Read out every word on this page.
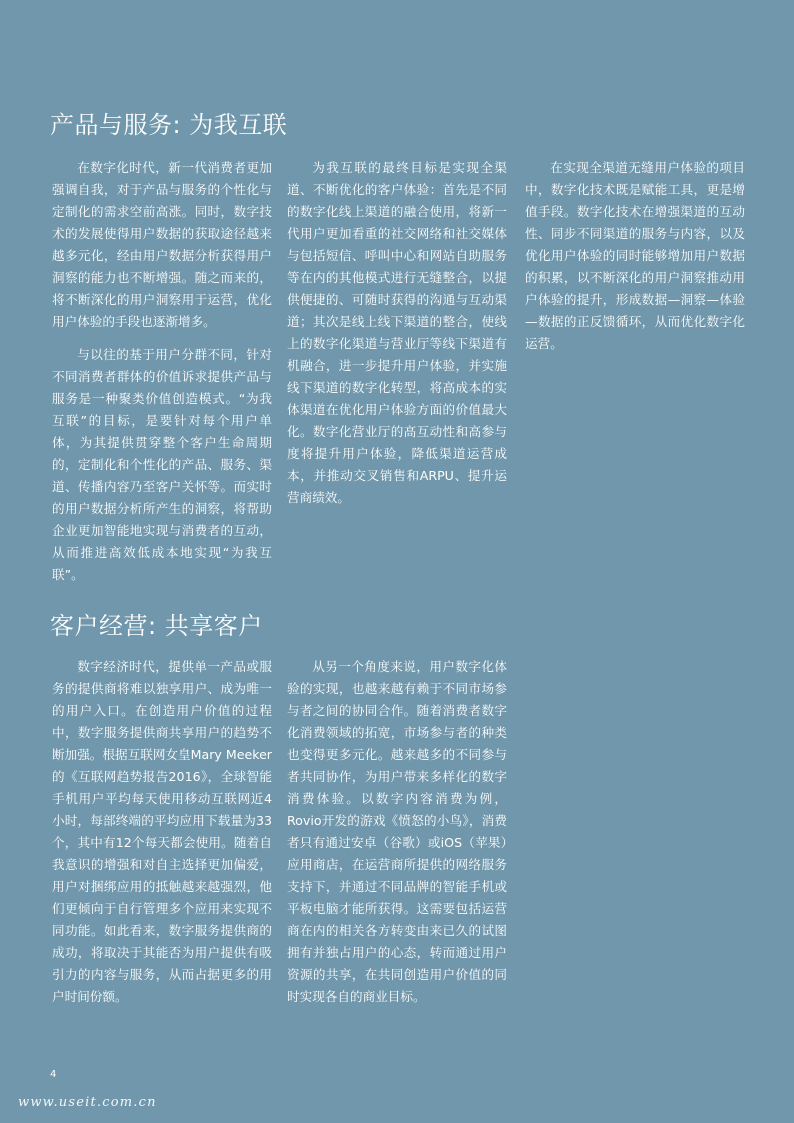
产品与服务: 为我互联

在数字化时代，新一代消费者更加强调自我，对于产品与服务的个性化与定制化的需求空前高涨。同时，数字技术的发展使得用户数据的获取途径越来越多元化，经由用户数据分析获得用户洞察的能力也不断增强。随之而来的，将不断深化的用户洞察用于运营，优化用户体验的手段也逐渐增多。

与以往的基于用户分群不同，针对不同消费者群体的价值诉求提供产品与服务是一种聚类价值创造模式。“为我互联”的目标，是要针对每个用户单体，为其提供贯穿整个客户生命周期的，定制化和个性化的产品、服务、渠道、传播内容乃至客户关怀等。而实时的用户数据分析所产生的洞察，将帮助企业更加智能地实现与消费者的互动，从而推进高效低成本地实现“为我互联”。

为我互联的最终目标是实现全渠道、不断优化的客户体验：首先是不同的数字化线上渠道的融合使用，将新一代用户更加看重的社交网络和社交媒体与包括短信、呼叫中心和网站自助服务等在内的其他模式进行无缝整合，以提供便捷的、可随时获得的沟通与互动渠道；其次是线上线下渠道的整合，使线上的数字化渠道与营业厅等线下渠道有机融合，进一步提升用户体验，并实施线下渠道的数字化转型，将高成本的实体渠道在优化用户体验方面的价值最大化。数字化营业厅的高互动性和高参与度将提升用户体验，降低渠道运营成本，并推动交叉销售和ARPU、提升运营商绩效。

在实现全渠道无缝用户体验的项目中，数字化技术既是赋能工具，更是增值手段。数字化技术在增强渠道的互动性、同步不同渠道的服务与内容，以及优化用户体验的同时能够增加用户数据的积累，以不断深化的用户洞察推动用户体验的提升，形成数据—洞察—体验—数据的正反馈循环，从而优化数字化运营。

客户经营: 共享客户

数字经济时代，提供单一产品或服务的提供商将难以独享用户、成为唯一的用户入口。在创造用户价值的过程中，数字服务提供商共享用户的趋势不断加强。根据互联网女皇Mary Meeker的《互联网趋势报告2016》，全球智能手机用户平均每天使用移动互联网近4小时，每部终端的平均应用下载量为33个，其中有12个每天都会使用。随着自我意识的增强和对自主选择更加偏爱，用户对捆绑应用的抵触越来越强烈，他们更倾向于自行管理多个应用来实现不同功能。如此看来，数字服务提供商的成功，将取决于其能否为用户提供有吸引力的内容与服务，从而占据更多的用户时间份额。

从另一个角度来说，用户数字化体验的实现，也越来越有赖于不同市场参与者之间的协同合作。随着消费者数字化消费领域的拓宽，市场参与者的种类也变得更多元化。越来越多的不同参与者共同协作，为用户带来多样化的数字消费体验。以数字内容消费为例，Rovio开发的游戏《愤怒的小鸟》，消费者只有通过安卓（谷歌）或iOS（苹果）应用商店，在运营商所提供的网络服务支持下，并通过不同品牌的智能手机或平板电脑才能所获得。这需要包括运营商在内的相关各方转变由来已久的试图拥有并独占用户的心态，转而通过用户资源的共享，在共同创造用户价值的同时实现各自的商业目标。

4
www.useit.com.cn
